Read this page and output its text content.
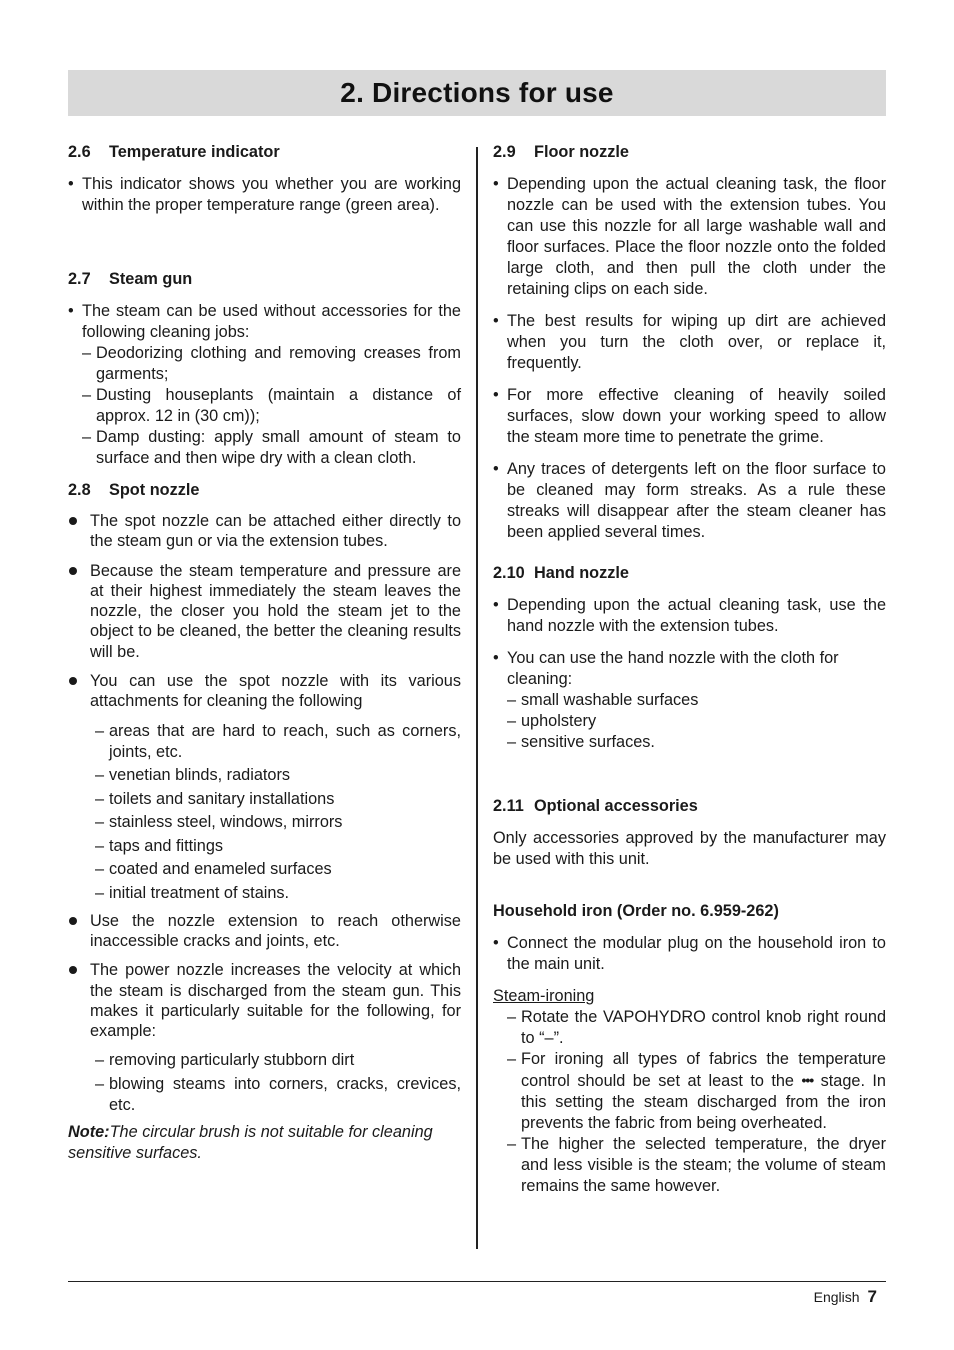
2. Directions for use
2.6 Temperature indicator

• This indicator shows you whether you are working within the proper temperature range (green area).

2.7 Steam gun

• The steam can be used without accessories for the following cleaning jobs:

– Deodorizing clothing and removing creases from garments;

– Dusting houseplants (maintain a distance of approx. 12 in (30 cm));

– Damp dusting: apply small amount of steam to surface and then wipe dry with a clean cloth.

2.8 Spot nozzle

The spot nozzle can be attached either directly to the steam gun or via the extension tubes.

Because the steam temperature and pressure are at their highest immediately the steam leaves the nozzle, the closer you hold the steam jet to the object to be cleaned, the better the cleaning results will be.

You can use the spot nozzle with its various attachments for cleaning the following

– areas that are hard to reach, such as corners, joints, etc.

– venetian blinds, radiators

– toilets and sanitary installations

– stainless steel, windows, mirrors

– taps and fittings

– coated and enameled surfaces

– initial treatment of stains.

Use the nozzle extension to reach otherwise inaccessible cracks and joints, etc.

The power nozzle increases the velocity at which the steam is discharged from the steam gun. This makes it particularly suitable for the following, for example:

– removing particularly stubborn dirt

– blowing steams into corners, cracks, crevices, etc.

Note:The circular brush is not suitable for cleaning sensitive surfaces.

2.9 Floor nozzle

• Depending upon the actual cleaning task, the floor nozzle can be used with the extension tubes. You can use this nozzle for all large washable wall and floor surfaces. Place the floor nozzle onto the folded large cloth, and then pull the cloth under the retaining clips on each side.

• The best results for wiping up dirt are achieved when you turn the cloth over, or replace it, frequently.

• For more effective cleaning of heavily soiled surfaces, slow down your working speed to allow the steam more time to penetrate the grime.

• Any traces of detergents left on the floor surface to be cleaned may form streaks. As a rule these streaks will disappear after the steam cleaner has been applied several times.

2.10 Hand nozzle

• Depending upon the actual cleaning task, use the hand nozzle with the extension tubes.

• You can use the hand nozzle with the cloth for cleaning:

– small washable surfaces

– upholstery

– sensitive surfaces.

2.11 Optional accessories

Only accessories approved by the manufacturer may be used with this unit.

Household iron (Order no. 6.959-262)

• Connect the modular plug on the household iron to the main unit.

Steam-ironing

– Rotate the VAPOHYDRO control knob right round to “–”.

– For ironing all types of fabrics the temperature control should be set at least to the ••• stage. In this setting the steam discharged from the iron prevents the fabric from being overheated.

– The higher the selected temperature, the dryer and less visible is the steam; the volume of steam remains the same however.

English 7
